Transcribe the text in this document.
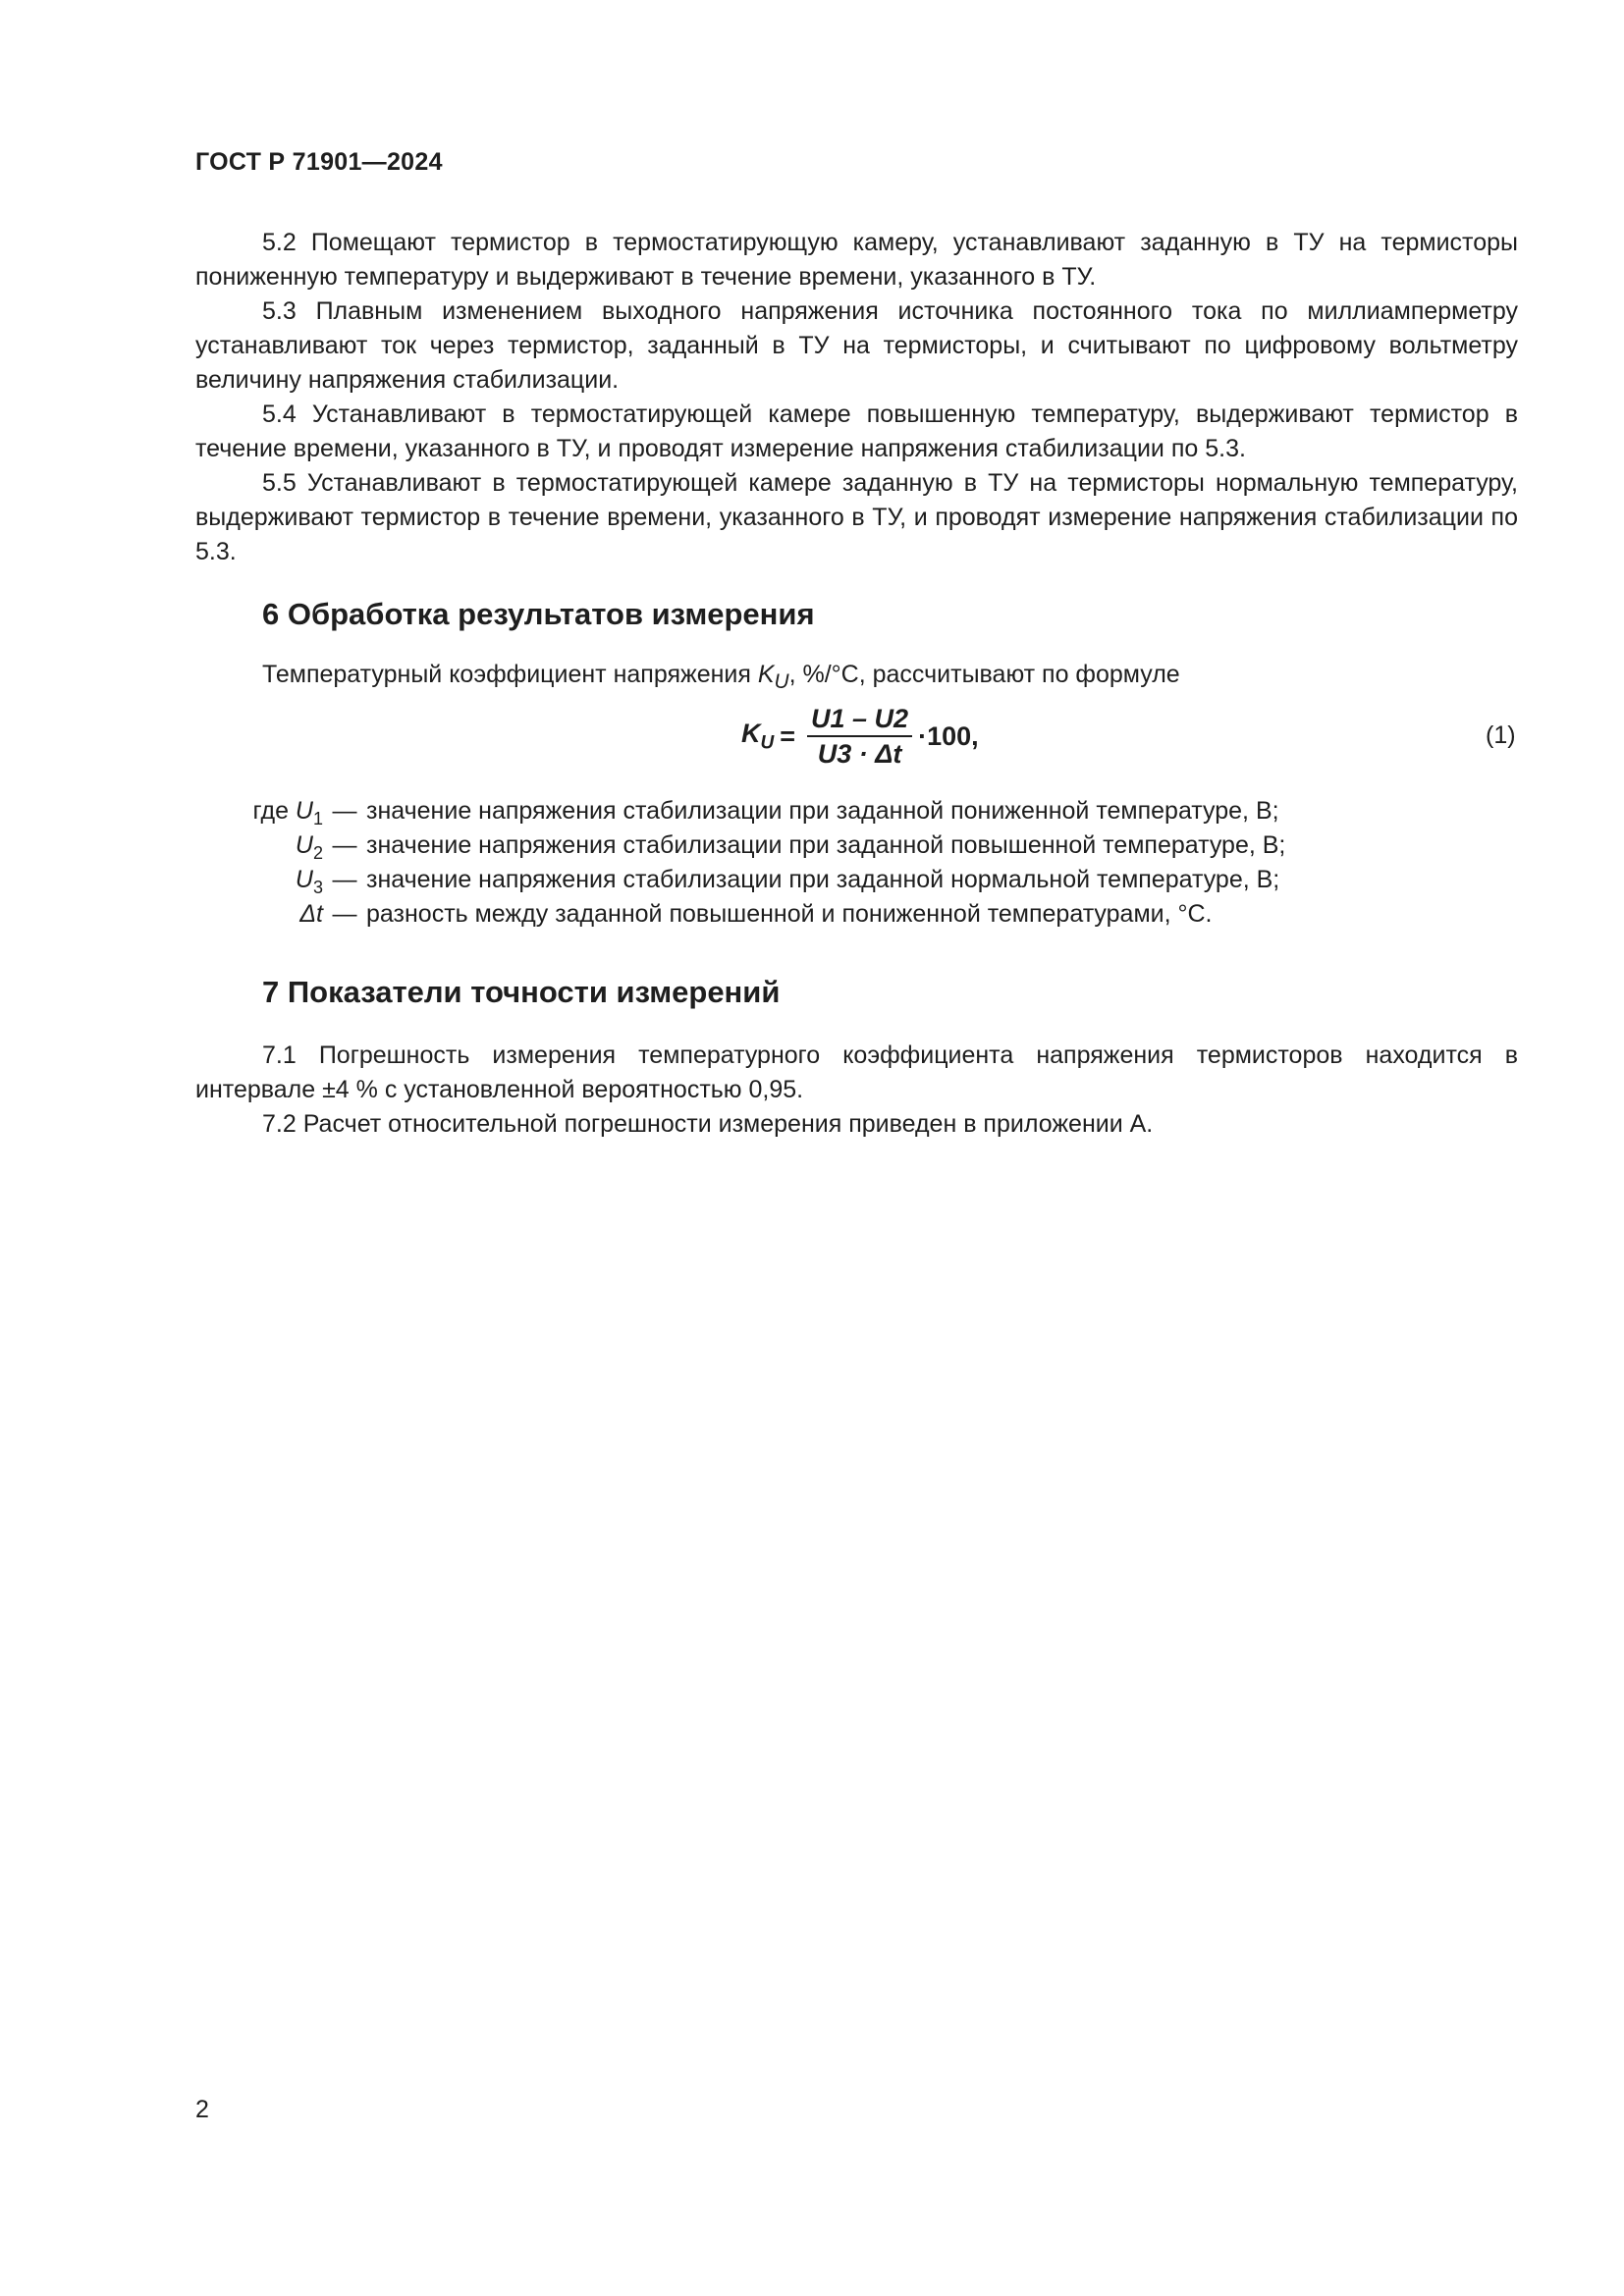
ГОСТ Р 71901—2024

5.2 Помещают термистор в термостатирующую камеру, устанавливают заданную в ТУ на термисторы пониженную температуру и выдерживают в течение времени, указанного в ТУ.

5.3 Плавным изменением выходного напряжения источника постоянного тока по миллиамперметру устанавливают ток через термистор, заданный в ТУ на термисторы, и считывают по цифровому вольтметру величину напряжения стабилизации.

5.4 Устанавливают в термостатирующей камере повышенную температуру, выдерживают термистор в течение времени, указанного в ТУ, и проводят измерение напряжения стабилизации по 5.3.

5.5 Устанавливают в термостатирующей камере заданную в ТУ на термисторы нормальную температуру, выдерживают термистор в течение времени, указанного в ТУ, и проводят измерение напряжения стабилизации по 5.3.

6 Обработка результатов измерения
Температурный коэффициент напряжения $K_U$, %/°C, рассчитывают по формуле
$K_U = \frac{U1 - U2}{U3 \cdot \Delta t} \cdot 100$,	(1)
где $U_1$ — значение напряжения стабилизации при заданной пониженной температуре, В;
$U_2$ — значение напряжения стабилизации при заданной повышенной температуре, В;
$U_3$ — значение напряжения стабилизации при заданной нормальной температуре, В;
Δt — разность между заданной повышенной и пониженной температурами, °C.
7 Показатели точности измерений

7.1 Погрешность измерения температурного коэффициента напряжения термисторов находится в интервале ±4 % с установленной вероятностью 0,95.

7.2 Расчет относительной погрешности измерения приведен в приложении А.

2
